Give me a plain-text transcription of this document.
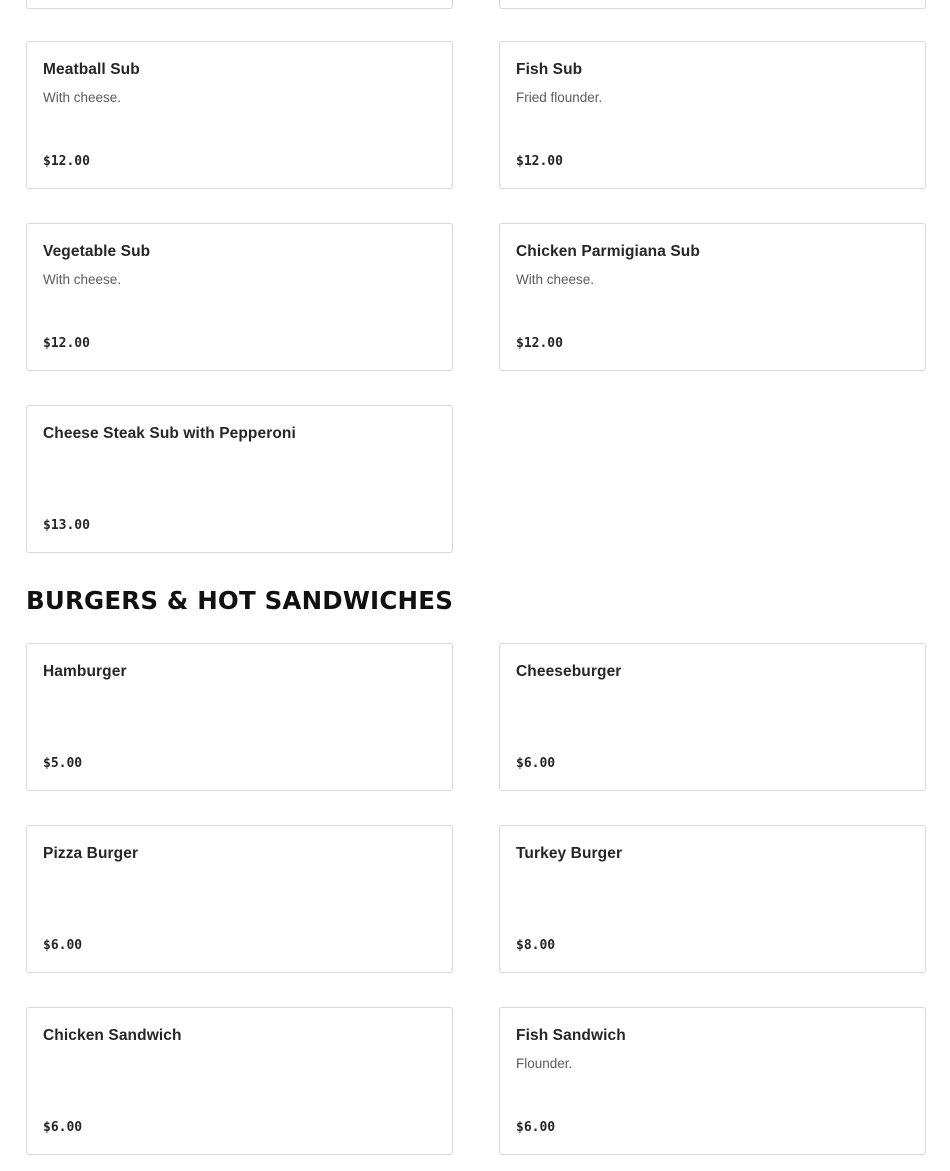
Meatball Sub
With cheese.
$12.00
Fish Sub
Fried flounder.
$12.00
Vegetable Sub
With cheese.
$12.00
Chicken Parmigiana Sub
With cheese.
$12.00
Cheese Steak Sub with Pepperoni
$13.00
BURGERS & HOT SANDWICHES
Hamburger
$5.00
Cheeseburger
$6.00
Pizza Burger
$6.00
Turkey Burger
$8.00
Chicken Sandwich
$6.00
Fish Sandwich
Flounder.
$6.00
